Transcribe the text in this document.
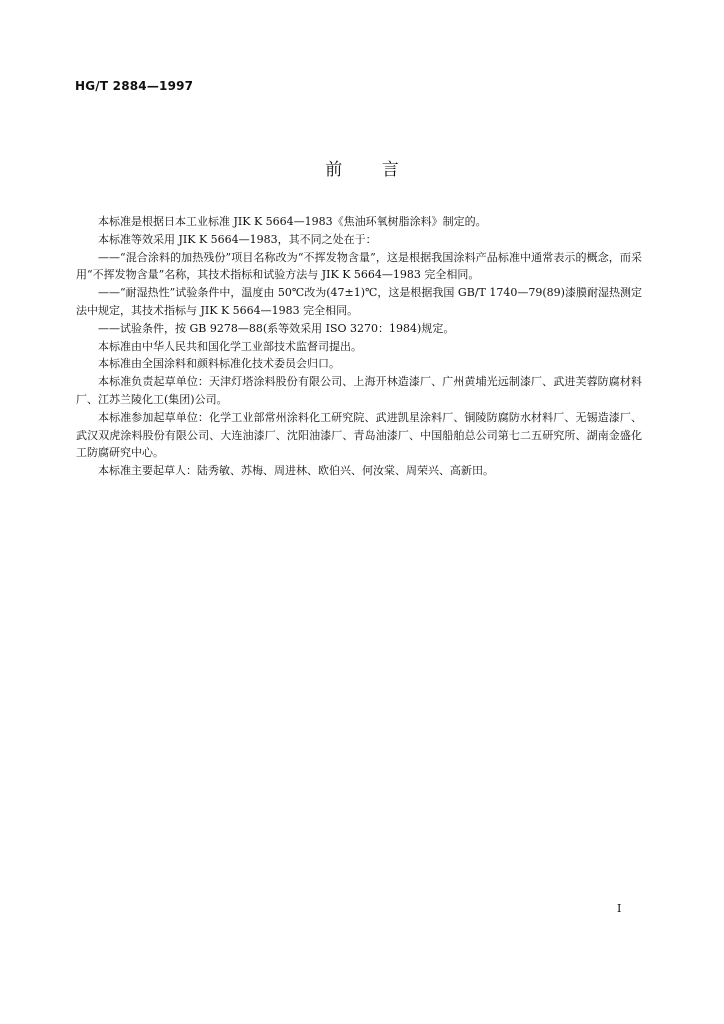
HG/T 2884—1997
前 言

本标准是根据日本工业标准 JIK K 5664—1983《焦油环氧树脂涂料》制定的。

本标准等效采用 JIK K 5664—1983，其不同之处在于：

——“混合涂料的加热残份”项目名称改为“不挥发物含量”，这是根据我国涂料产品标准中通常表示的概念，而采用“不挥发物含量”名称，其技术指标和试验方法与 JIK K 5664—1983 完全相同。

——“耐湿热性”试验条件中，温度由 50℃改为(47±1)℃，这是根据我国 GB/T 1740—79(89)漆膜耐湿热测定法中规定，其技术指标与 JIK K 5664—1983 完全相同。

——试验条件，按 GB 9278—88(系等效采用 ISO 3270：1984)规定。

本标准由中华人民共和国化学工业部技术监督司提出。

本标准由全国涂料和颜料标准化技术委员会归口。

本标准负责起草单位：天津灯塔涂料股份有限公司、上海开林造漆厂、广州黄埔光远制漆厂、武进芙蓉防腐材料厂、江苏兰陵化工(集团)公司。

本标准参加起草单位：化学工业部常州涂料化工研究院、武进凯星涂料厂、铜陵防腐防水材料厂、无锡造漆厂、武汉双虎涂料股份有限公司、大连油漆厂、沈阳油漆厂、青岛油漆厂、中国船舶总公司第七二五研究所、湖南金盛化工防腐研究中心。

本标准主要起草人：陆秀敏、苏梅、周进林、欧伯兴、何汝棠、周荣兴、高新田。

I
